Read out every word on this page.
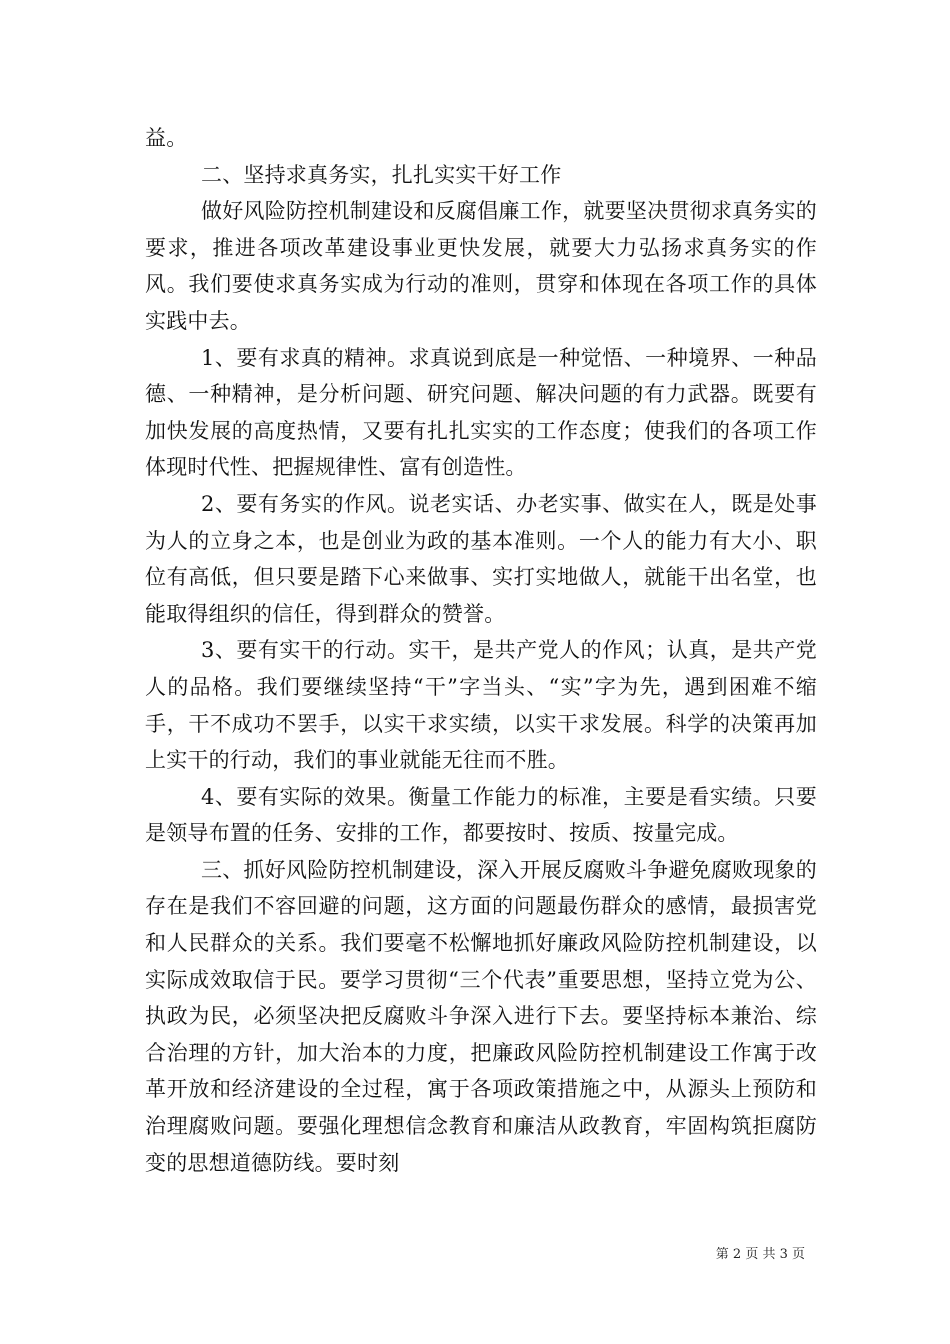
益。

二、坚持求真务实，扎扎实实干好工作

做好风险防控机制建设和反腐倡廉工作，就要坚决贯彻求真务实的要求，推进各项改革建设事业更快发展，就要大力弘扬求真务实的作风。我们要使求真务实成为行动的准则，贯穿和体现在各项工作的具体实践中去。

1、要有求真的精神。求真说到底是一种觉悟、一种境界、一种品德、一种精神，是分析问题、研究问题、解决问题的有力武器。既要有加快发展的高度热情，又要有扎扎实实的工作态度；使我们的各项工作体现时代性、把握规律性、富有创造性。

2、要有务实的作风。说老实话、办老实事、做实在人，既是处事为人的立身之本，也是创业为政的基本准则。一个人的能力有大小、职位有高低，但只要是踏下心来做事、实打实地做人，就能干出名堂，也能取得组织的信任，得到群众的赞誉。

3、要有实干的行动。实干，是共产党人的作风；认真，是共产党人的品格。我们要继续坚持“干”字当头、“实”字为先，遇到困难不缩手，干不成功不罢手，以实干求实绩，以实干求发展。科学的决策再加上实干的行动，我们的事业就能无往而不胜。

4、要有实际的效果。衡量工作能力的标准，主要是看实绩。只要是领导布置的任务、安排的工作，都要按时、按质、按量完成。

三、抓好风险防控机制建设，深入开展反腐败斗争避免腐败现象的存在是我们不容回避的问题，这方面的问题最伤群众的感情，最损害党和人民群众的关系。我们要毫不松懈地抓好廉政风险防控机制建设，以实际成效取信于民。要学习贯彻“三个代表”重要思想，坚持立党为公、执政为民，必须坚决把反腐败斗争深入进行下去。要坚持标本兼治、综合治理的方针，加大治本的力度，把廉政风险防控机制建设工作寓于改革开放和经济建设的全过程，寓于各项政策措施之中，从源头上预防和治理腐败问题。要强化理想信念教育和廉洁从政教育，牢固构筑拒腐防变的思想道德防线。要时刻

第 2 页 共 3 页
